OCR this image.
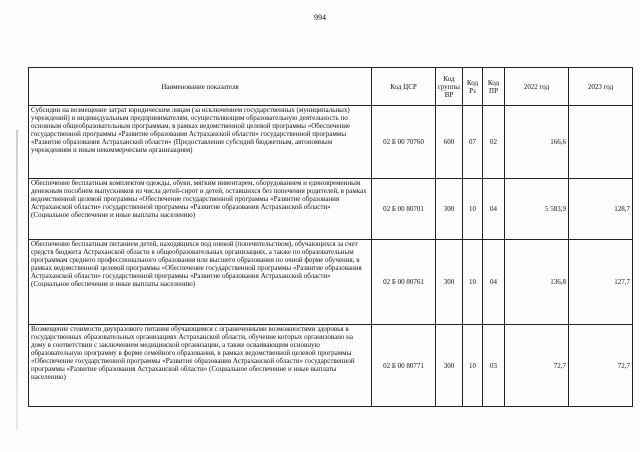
994
Наименование показателя	Код ЦСР	Код группы ВР	Код Рз	Код ПР	2022 год	2023 год
Субсидии на возмещение затрат юридическим лицам (за исключением государственных (муниципальных) учреждений) и индивидуальным предпринимателям, осуществляющим образовательную деятельность по основным общеобразовательным программам, в рамках ведомственной целевой программы «Обеспечение государственной программы «Развитие образования Астраханской области» государственной программы «Развитие образования Астраханской области» (Предоставление субсидий бюджетным, автономным учреждениям и иным некоммерческим организациям)	02 Б 00 70760	600	07	02	166,6	
Обеспечение бесплатным комплектом одежды, обуви, мягким инвентарем, оборудованием и единовременным денежным пособием выпускников из числа детей-сирот и детей, оставшихся без попечения родителей, в рамках ведомственной целевой программы «Обеспечение государственной программы «Развитие образования Астраханской области» государственной программы «Развитие образования Астраханской области» (Социальное обеспечение и иные выплаты населению)	02 Б 00 80701	300	10	04	5 583,9	128,7
Обеспечение бесплатным питанием детей, находящихся под опекой (попечительством), обучающихся за счет средств бюджета Астраханской области в общеобразовательных организациях, а также по образовательным программам среднего профессионального образования или высшего образования по очной форме обучения, в рамках ведомственной целевой программы «Обеспечение государственной программы «Развитие образования Астраханской области» государственной программы «Развитие образования Астраханской области» (Социальное обеспечение и иные выплаты населению)	02 Б 00 80761	300	10	04	136,8	127,7
Возмещение стоимости двухразового питания обучающимся с ограниченными возможностями здоровья в государственных образовательных организациях Астраханской области, обучение которых организовано на дому в соответствии с заключением медицинской организации, а также осваивающим основную образовательную программу в форме семейного образования, в рамках ведомственной целевой программы «Обеспечение государственной программы «Развитие образования Астраханской области» государственной программы «Развитие образования Астраханской области» (Социальное обеспечение и иные выплаты населению)	02 Б 00 80771	300	10	03	72,7	72,7
